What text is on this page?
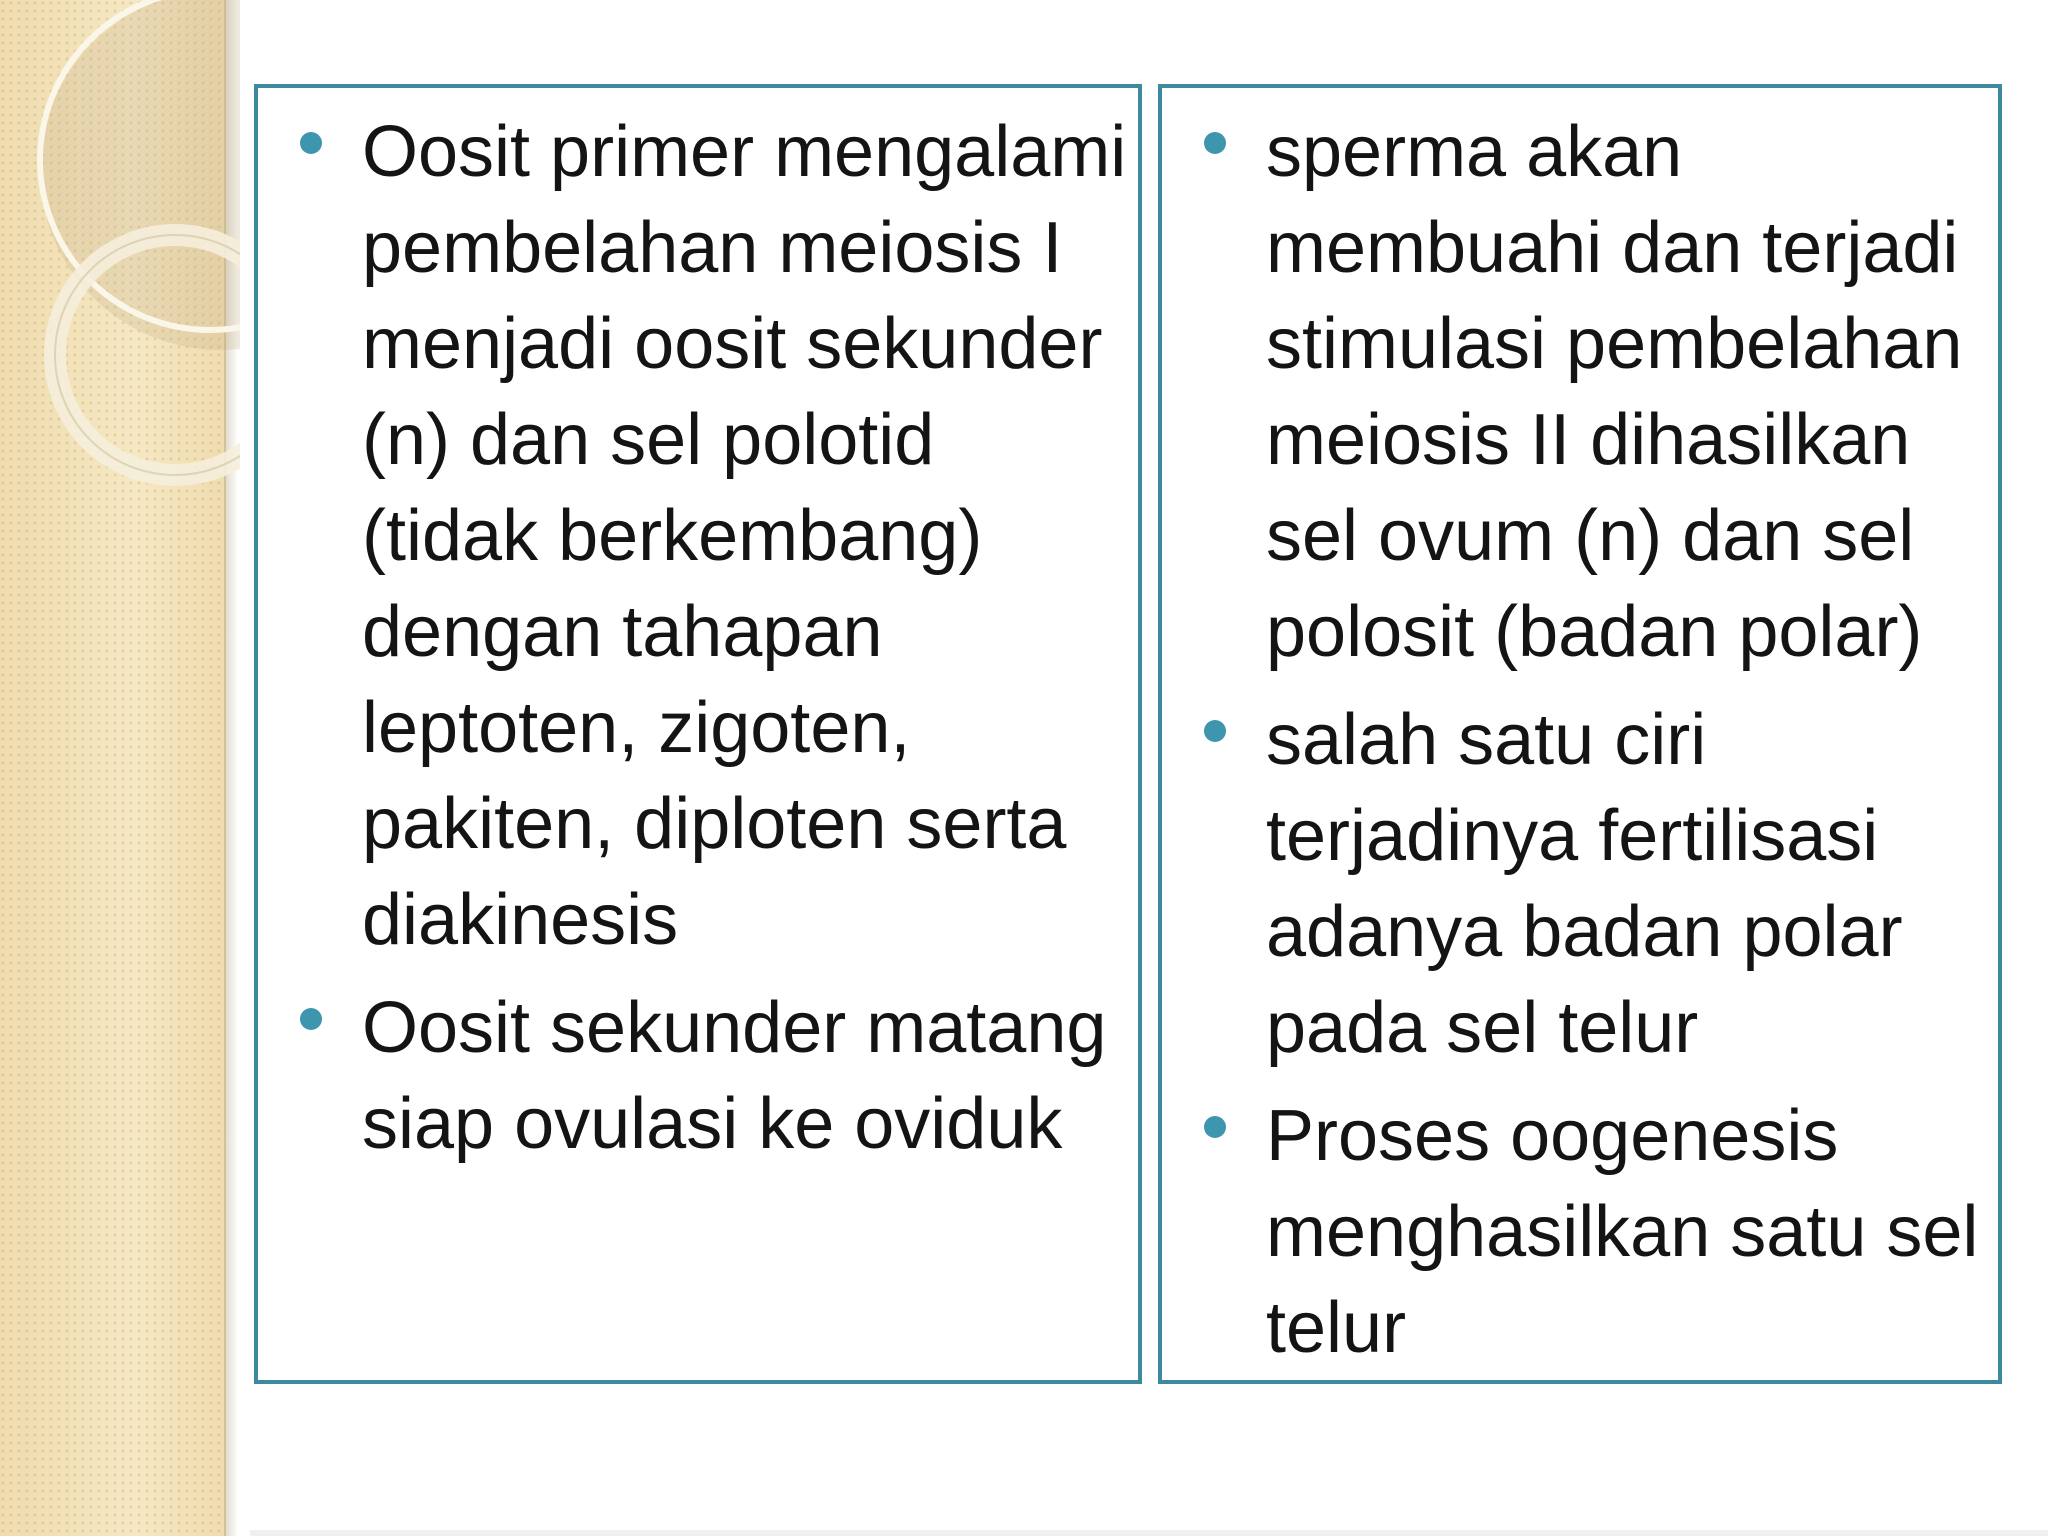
Oosit primer mengalami pembelahan meiosis I menjadi oosit sekunder (n) dan sel polotid (tidak berkembang) dengan tahapan leptoten, zigoten, pakiten, diploten serta diakinesis
Oosit sekunder matang siap ovulasi ke oviduk
sperma akan membuahi dan terjadi stimulasi pembelahan meiosis II dihasilkan sel ovum (n) dan sel polosit (badan polar)
salah satu ciri terjadinya fertilisasi adanya badan polar pada sel telur
Proses oogenesis menghasilkan satu sel telur
